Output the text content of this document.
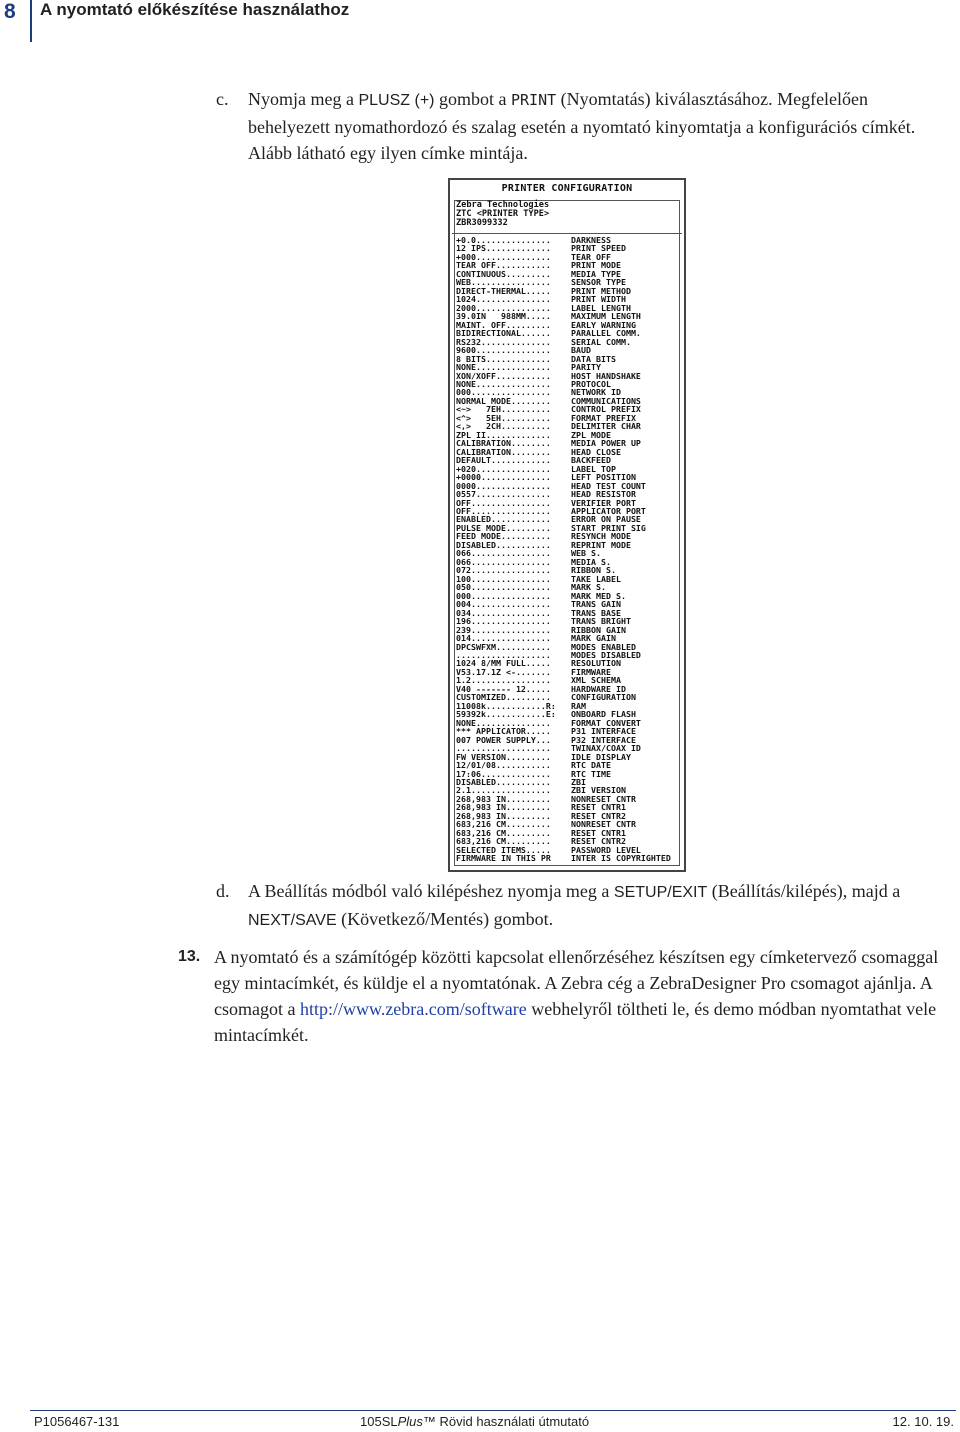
8 A nyomtató előkészítése használathoz
c. Nyomja meg a PLUSZ (+) gombot a PRINT (Nyomtatás) kiválasztásához. Megfelelően behelyezett nyomathordozó és szalag esetén a nyomtató kinyomtatja a konfigurációs címkét. Alább látható egy ilyen címke mintája.
PRINTER CONFIGURATION
Zebra Technologies
ZTC <PRINTER TYPE>
ZBR3099332
+0.0...............	DARKNESS
12 IPS.............	PRINT SPEED
+000...............	TEAR OFF
TEAR OFF...........	PRINT MODE
CONTINUOUS.........	MEDIA TYPE
WEB................	SENSOR TYPE
DIRECT-THERMAL.....	PRINT METHOD
1024...............	PRINT WIDTH
2000...............	LABEL LENGTH
39.0IN   988MM.....	MAXIMUM LENGTH
MAINT. OFF.........	EARLY WARNING
BIDIRECTIONAL......	PARALLEL COMM.
RS232..............	SERIAL COMM.
9600...............	BAUD
8 BITS.............	DATA BITS
NONE...............	PARITY
XON/XOFF...........	HOST HANDSHAKE
NONE...............	PROTOCOL
000................	NETWORK ID
NORMAL MODE........	COMMUNICATIONS
<~>   7EH..........	CONTROL PREFIX
<^>   5EH..........	FORMAT PREFIX
<,>   2CH..........	DELIMITER CHAR
ZPL II.............	ZPL MODE
CALIBRATION........	MEDIA POWER UP
CALIBRATION........	HEAD CLOSE
DEFAULT............	BACKFEED
+020...............	LABEL TOP
+0000..............	LEFT POSITION
0000...............	HEAD TEST COUNT
0557...............	HEAD RESISTOR
OFF................	VERIFIER PORT
OFF................	APPLICATOR PORT
ENABLED............	ERROR ON PAUSE
PULSE MODE.........	START PRINT SIG
FEED MODE..........	RESYNCH MODE
DISABLED...........	REPRINT MODE
066................	WEB S.
066................	MEDIA S.
072................	RIBBON S.
100................	TAKE LABEL
050................	MARK S.
000................	MARK MED S.
004................	TRANS GAIN
034................	TRANS BASE
196................	TRANS BRIGHT
239................	RIBBON GAIN
014................	MARK GAIN
DPCSWFXM...........	MODES ENABLED
...................	MODES DISABLED
1024 8/MM FULL.....	RESOLUTION
V53.17.1Z <-.......	FIRMWARE
1.2................	XML SCHEMA
V40 ------- 12.....	HARDWARE ID
CUSTOMIZED.........	CONFIGURATION
11008k............R:	RAM
59392k............E:	ONBOARD FLASH
NONE...............	FORMAT CONVERT
*** APPLICATOR.....	P31 INTERFACE
007 POWER SUPPLY...	P32 INTERFACE
...................	TWINAX/COAX ID
FW VERSION.........	IDLE DISPLAY
12/01/08...........	RTC DATE
17:06..............	RTC TIME
DISABLED...........	ZBI
2.1................	ZBI VERSION
268,983 IN.........	NONRESET CNTR
268,983 IN.........	RESET CNTR1
268,983 IN.........	RESET CNTR2
683,216 CM.........	NONRESET CNTR
683,216 CM.........	RESET CNTR1
683,216 CM.........	RESET CNTR2
SELECTED ITEMS.....	PASSWORD LEVEL
FIRMWARE IN THIS PR	INTER IS COPYRIGHTED
d. A Beállítás módból való kilépéshez nyomja meg a SETUP/EXIT (Beállítás/kilépés), majd a NEXT/SAVE (Következő/Mentés) gombot.
13. A nyomtató és a számítógép közötti kapcsolat ellenőrzéséhez készítsen egy címketervező csomaggal egy mintacímkét, és küldje el a nyomtatónak. A Zebra cég a ZebraDesigner Pro csomagot ajánlja. A csomagot a http://www.zebra.com/software webhelyről töltheti le, és demo módban nyomtathat vele mintacímkét.
P1056467-131	105SLPlus™ Rövid használati útmutató	12. 10. 19.
